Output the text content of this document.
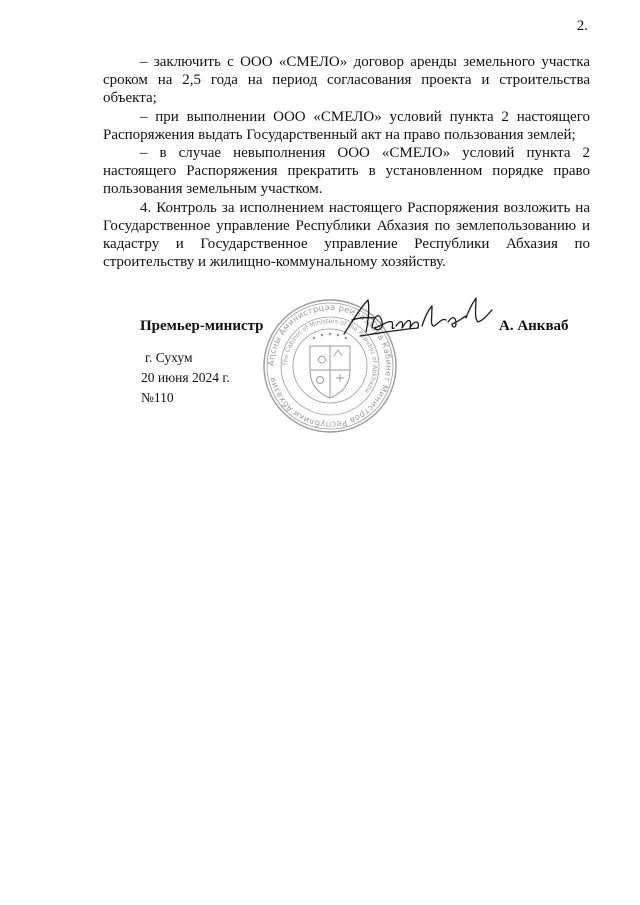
2.

– заключить с ООО «СМЕЛО» договор аренды земельного участка сроком на 2,5 года на период согласования проекта и строительства объекта;

– при выполнении ООО «СМЕЛО» условий пункта 2 настоящего Распоряжения выдать Государственный акт на право пользования землей;

– в случае невыполнения ООО «СМЕЛО» условий пункта 2 настоящего Распоряжения прекратить в установленном порядке право пользования земельным участком.

4. Контроль за исполнением настоящего Распоряжения возложить на Государственное управление Республики Абхазия по землепользованию и кадастру и Государственное управление Республики Абхазия по строительству и жилищно-коммунальному хозяйству.

Аԥсны Аминистрцәа реилазаара Кабинет Министров Республики Абхазия
The Cabinet of Ministers of the Republic of Abkhazia
Премьер-министр	А. Анкваб
г. Сухум
20 июня 2024 г.
№110
